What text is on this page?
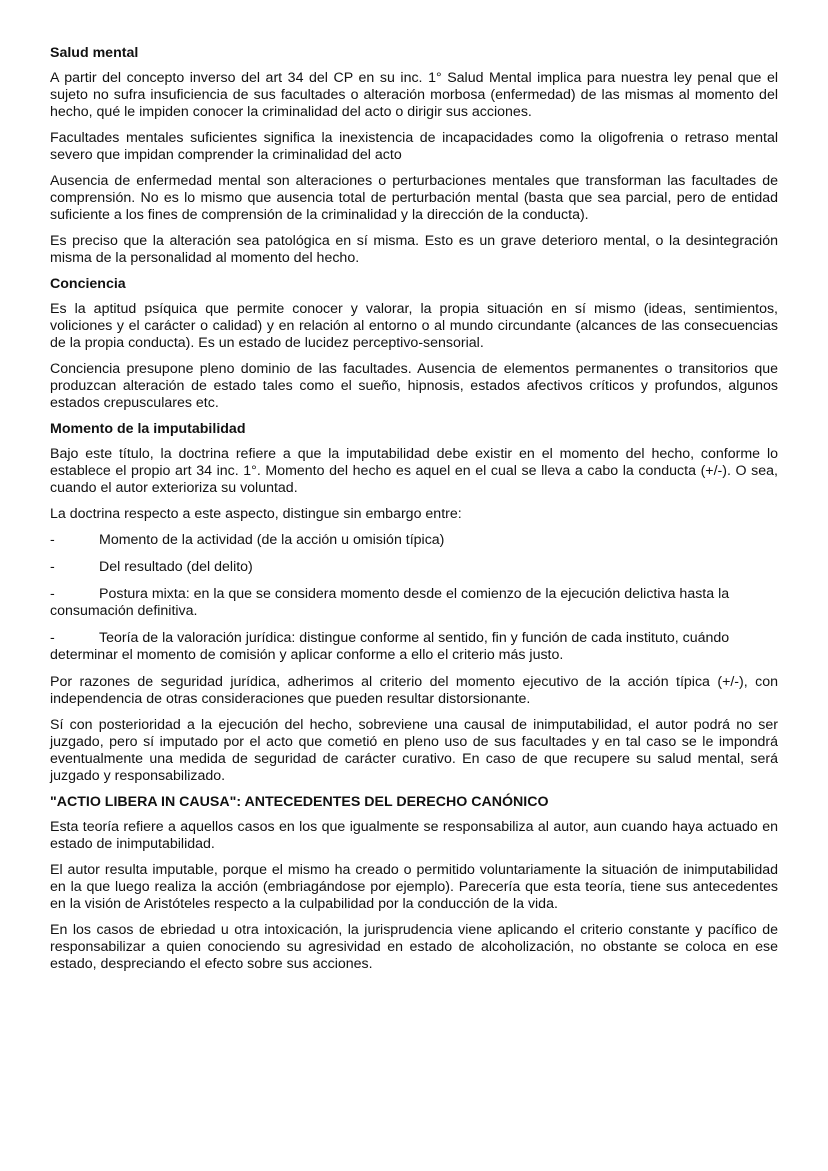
Salud mental
A partir del concepto inverso del art 34 del CP en su inc. 1° Salud Mental implica para nuestra ley penal que el sujeto no sufra insuficiencia de sus facultades o alteración morbosa (enfermedad) de las mismas al momento del hecho, qué le impiden conocer la criminalidad del acto o dirigir sus acciones.
Facultades mentales suficientes significa la inexistencia de incapacidades como la oligofrenia o retraso mental severo que impidan comprender la criminalidad del acto
Ausencia de enfermedad mental son alteraciones o perturbaciones mentales que transforman las facultades de comprensión. No es lo mismo que ausencia total de perturbación mental (basta que sea parcial, pero de entidad suficiente a los fines de comprensión de la criminalidad y la dirección de la conducta).
Es preciso que la alteración sea patológica en sí misma. Esto es un grave deterioro mental, o la desintegración misma de la personalidad al momento del hecho.
Conciencia
Es la aptitud psíquica que permite conocer y valorar, la propia situación en sí mismo (ideas, sentimientos, voliciones y el carácter o calidad) y en relación al entorno o al mundo circundante (alcances de las consecuencias de la propia conducta). Es un estado de lucidez perceptivo-sensorial.
Conciencia presupone pleno dominio de las facultades. Ausencia de elementos permanentes o transitorios que produzcan alteración de estado tales como el sueño, hipnosis, estados afectivos críticos y profundos, algunos estados crepusculares etc.
Momento de la imputabilidad
Bajo este título, la doctrina refiere a que la imputabilidad debe existir en el momento del hecho, conforme lo establece el propio art 34 inc. 1°. Momento del hecho es aquel en el cual se lleva a cabo la conducta (+/-). O sea, cuando el autor exterioriza su voluntad.
La doctrina respecto a este aspecto, distingue sin embargo entre:
-	Momento de la actividad (de la acción u omisión típica)
-	Del resultado (del delito)
-	Postura mixta: en la que se considera momento desde el comienzo de la ejecución delictiva hasta la consumación definitiva.
-	Teoría de la valoración jurídica: distingue conforme al sentido, fin y función de cada instituto, cuándo determinar el momento de comisión y aplicar conforme a ello el criterio más justo.
Por razones de seguridad jurídica, adherimos al criterio del momento ejecutivo de la acción típica (+/-), con independencia de otras consideraciones que pueden resultar distorsionante.
Sí con posterioridad a la ejecución del hecho, sobreviene una causal de inimputabilidad, el autor podrá no ser juzgado, pero sí imputado por el acto que cometió en pleno uso de sus facultades y en tal caso se le impondrá eventualmente una medida de seguridad de carácter curativo. En caso de que recupere su salud mental, será juzgado y responsabilizado.
"ACTIO LIBERA IN CAUSA": ANTECEDENTES DEL DERECHO CANÓNICO
Esta teoría refiere a aquellos casos en los que igualmente se responsabiliza al autor, aun cuando haya actuado en estado de inimputabilidad.
El autor resulta imputable, porque el mismo ha creado o permitido voluntariamente la situación de inimputabilidad en la que luego realiza la acción (embriagándose por ejemplo). Parecería que esta teoría, tiene sus antecedentes en la visión de Aristóteles respecto a la culpabilidad por la conducción de la vida.
En los casos de ebriedad u otra intoxicación, la jurisprudencia viene aplicando el criterio constante y pacífico de responsabilizar a quien conociendo su agresividad en estado de alcoholización, no obstante se coloca en ese estado, despreciando el efecto sobre sus acciones.
